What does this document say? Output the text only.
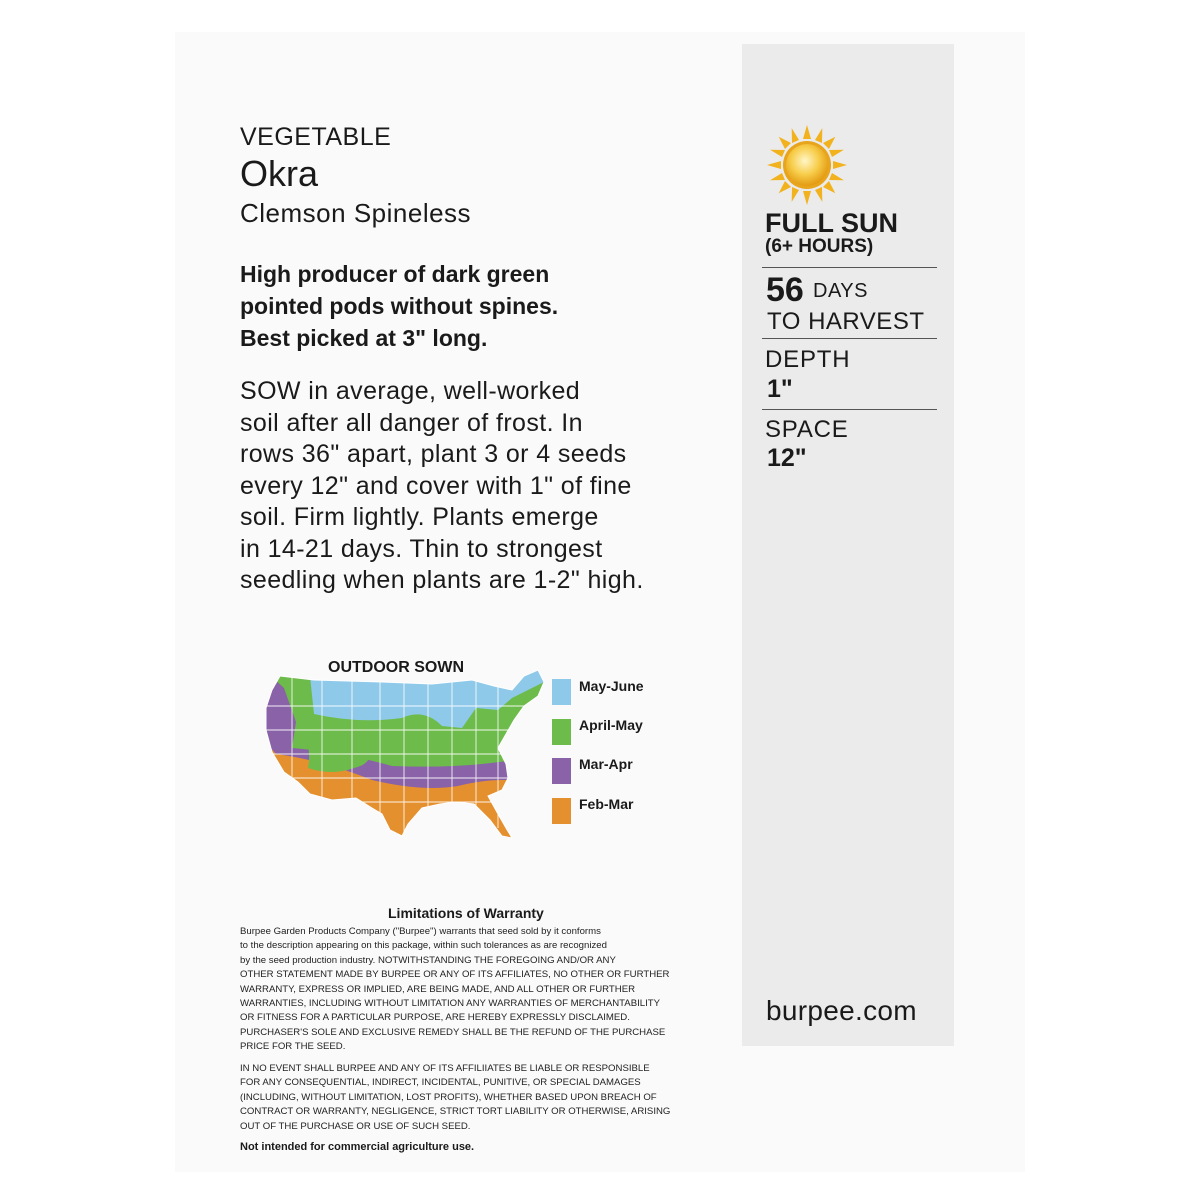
VEGETABLE
Okra
Clemson Spineless
High producer of dark green
pointed pods without spines.
Best picked at 3" long.
SOW in average, well-worked
soil after all danger of frost. In
rows 36" apart, plant 3 or 4 seeds
every 12" and cover with 1" of fine
soil. Firm lightly. Plants emerge
in 14-21 days. Thin to strongest
seedling when plants are 1-2" high.
FULL SUN
(6+ HOURS)
56 DAYS
TO HARVEST
DEPTH
1"
SPACE
12"
burpee.com
OUTDOOR SOWN
May-June
April-May
Mar-Apr
Feb-Mar
Limitations of Warranty
Burpee Garden Products Company ("Burpee") warrants that seed sold by it conforms
to the description appearing on this package, within such tolerances as are recognized
by the seed production industry. NOTWITHSTANDING THE FOREGOING AND/OR ANY
OTHER STATEMENT MADE BY BURPEE OR ANY OF ITS AFFILIATES, NO OTHER OR FURTHER
WARRANTY, EXPRESS OR IMPLIED, ARE BEING MADE, AND ALL OTHER OR FURTHER
WARRANTIES, INCLUDING WITHOUT LIMITATION ANY WARRANTIES OF MERCHANTABILITY
OR FITNESS FOR A PARTICULAR PURPOSE, ARE HEREBY EXPRESSLY DISCLAIMED.
PURCHASER'S SOLE AND EXCLUSIVE REMEDY SHALL BE THE REFUND OF THE PURCHASE
PRICE FOR THE SEED.
IN NO EVENT SHALL BURPEE AND ANY OF ITS AFFILIIATES BE LIABLE OR RESPONSIBLE
FOR ANY CONSEQUENTIAL, INDIRECT, INCIDENTAL, PUNITIVE, OR SPECIAL DAMAGES
(INCLUDING, WITHOUT LIMITATION, LOST PROFITS), WHETHER BASED UPON BREACH OF
CONTRACT OR WARRANTY, NEGLIGENCE, STRICT TORT LIABILITY OR OTHERWISE, ARISING
OUT OF THE PURCHASE OR USE OF SUCH SEED.
Not intended for commercial agriculture use.
